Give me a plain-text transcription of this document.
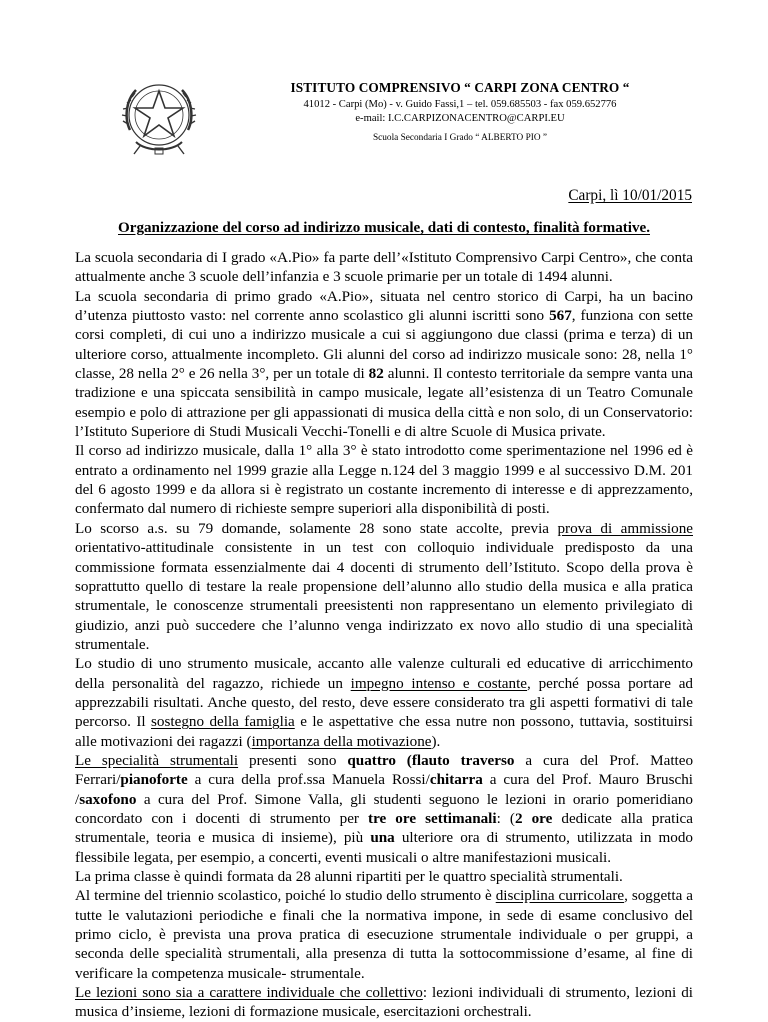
ISTITUTO COMPRENSIVO “ CARPI ZONA CENTRO “

41012 - Carpi (Mo) - v. Guido Fassi,1 – tel. 059.685503 - fax 059.652776

e-mail: I.C.CARPIZONACENTRO@CARPI.EU

Scuola Secondaria I Grado “ ALBERTO PIO ”

Carpi, lì 10/01/2015

Organizzazione del corso ad indirizzo musicale, dati di contesto, finalità formative.

La scuola secondaria di I grado «A.Pio» fa parte dell’«Istituto Comprensivo Carpi Centro», che conta attualmente anche 3 scuole dell’infanzia e 3 scuole primarie per un totale di 1494 alunni.

La scuola secondaria di primo grado «A.Pio», situata nel centro storico di Carpi, ha un bacino d’utenza piuttosto vasto: nel corrente anno scolastico gli alunni iscritti sono 567, funziona con sette corsi completi, di cui uno a indirizzo musicale a cui si aggiungono due classi (prima e terza) di un ulteriore corso, attualmente incompleto. Gli alunni del corso ad indirizzo musicale sono: 28, nella 1° classe, 28 nella 2° e 26 nella 3°, per un totale di 82 alunni. Il contesto territoriale da sempre vanta una tradizione e una spiccata sensibilità in campo musicale, legate all’esistenza di un Teatro Comunale esempio e polo di attrazione per gli appassionati di musica della città e non solo, di un Conservatorio: l’Istituto Superiore di Studi Musicali Vecchi-Tonelli e di altre Scuole di Musica private.

Il corso ad indirizzo musicale, dalla 1° alla 3° è stato introdotto come sperimentazione nel 1996 ed è entrato a ordinamento nel 1999 grazie alla Legge n.124 del 3 maggio 1999 e al successivo D.M. 201 del 6 agosto 1999 e da allora si è registrato un costante incremento di interesse e di apprezzamento, confermato dal numero di richieste sempre superiori alla disponibilità di posti.

Lo scorso a.s. su 79 domande, solamente 28 sono state accolte, previa prova di ammissione orientativo-attitudinale consistente in un test con colloquio individuale predisposto da una commissione formata essenzialmente dai 4 docenti di strumento dell’Istituto. Scopo della prova è soprattutto quello di testare la reale propensione dell’alunno allo studio della musica e alla pratica strumentale, le conoscenze strumentali preesistenti non rappresentano un elemento privilegiato di giudizio, anzi può succedere che l’alunno venga indirizzato ex novo allo studio di una specialità strumentale.

Lo studio di uno strumento musicale, accanto alle valenze culturali ed educative di arricchimento della personalità del ragazzo, richiede un impegno intenso e costante, perché possa portare ad apprezzabili risultati. Anche questo, del resto, deve essere considerato tra gli aspetti formativi di tale percorso. Il sostegno della famiglia e le aspettative che essa nutre non possono, tuttavia, sostituirsi alle motivazioni dei ragazzi (importanza della motivazione).

Le specialità strumentali presenti sono quattro (flauto traverso a cura del Prof. Matteo Ferrari/pianoforte a cura della prof.ssa Manuela Rossi/chitarra a cura del Prof. Mauro Bruschi /saxofono a cura del Prof. Simone Valla, gli studenti seguono le lezioni in orario pomeridiano concordato con i docenti di strumento per tre ore settimanali: (2 ore dedicate alla pratica strumentale, teoria e musica di insieme), più una ulteriore ora di strumento, utilizzata in modo flessibile legata, per esempio, a concerti, eventi musicali o altre manifestazioni musicali.

La prima classe è quindi formata da 28 alunni ripartiti per le quattro specialità strumentali.

Al termine del triennio scolastico, poiché lo studio dello strumento è disciplina curricolare, soggetta a tutte le valutazioni periodiche e finali che la normativa impone, in sede di esame conclusivo del primo ciclo, è prevista una prova pratica di esecuzione strumentale individuale o per gruppi, a seconda delle specialità strumentali, alla presenza di tutta la sottocommissione d’esame, al fine di verificare la competenza musicale- strumentale.

Le lezioni sono sia a carattere individuale che collettivo: lezioni individuali di strumento, lezioni di musica d’insieme, lezioni di formazione musicale, esercitazioni orchestrali.
